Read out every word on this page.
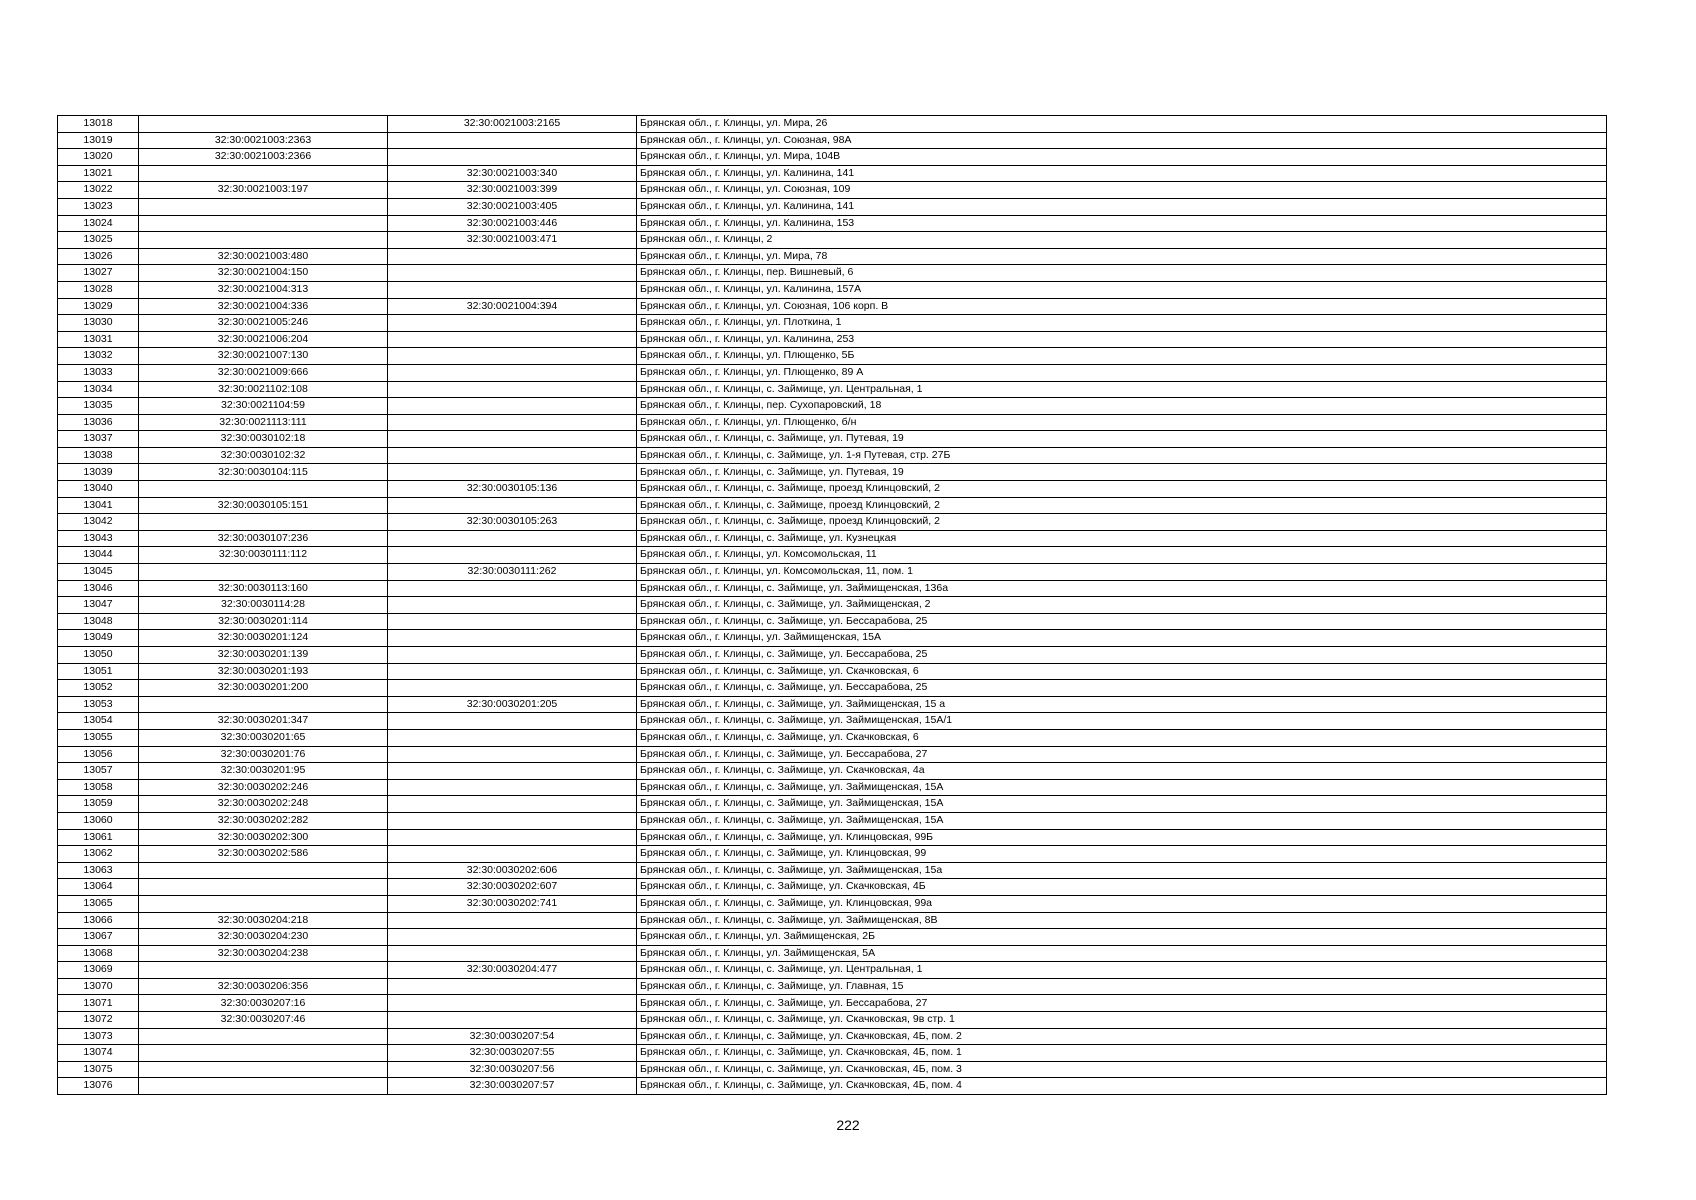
13018		32:30:0021003:2165	Брянская обл., г. Клинцы, ул. Мира, 26
13019	32:30:0021003:2363		Брянская обл., г. Клинцы, ул. Союзная, 98А
13020	32:30:0021003:2366		Брянская обл., г. Клинцы, ул. Мира, 104В
13021		32:30:0021003:340	Брянская обл., г. Клинцы, ул. Калинина, 141
13022	32:30:0021003:197	32:30:0021003:399	Брянская обл., г. Клинцы, ул. Союзная, 109
13023		32:30:0021003:405	Брянская обл., г. Клинцы, ул. Калинина, 141
13024		32:30:0021003:446	Брянская обл., г. Клинцы, ул. Калинина, 153
13025		32:30:0021003:471	Брянская обл., г. Клинцы, 2
13026	32:30:0021003:480		Брянская обл., г. Клинцы, ул. Мира, 78
13027	32:30:0021004:150		Брянская обл., г. Клинцы, пер. Вишневый, 6
13028	32:30:0021004:313		Брянская обл., г. Клинцы, ул. Калинина, 157А
13029	32:30:0021004:336	32:30:0021004:394	Брянская обл., г. Клинцы, ул. Союзная, 106 корп. В
13030	32:30:0021005:246		Брянская обл., г. Клинцы, ул. Плоткина, 1
13031	32:30:0021006:204		Брянская обл., г. Клинцы, ул. Калинина, 253
13032	32:30:0021007:130		Брянская обл., г. Клинцы, ул. Плющенко, 5Б
13033	32:30:0021009:666		Брянская обл., г. Клинцы, ул. Плющенко, 89 А
13034	32:30:0021102:108		Брянская обл., г. Клинцы, с. Займище, ул. Центральная, 1
13035	32:30:0021104:59		Брянская обл., г. Клинцы, пер. Сухопаровский, 18
13036	32:30:0021113:111		Брянская обл., г. Клинцы, ул. Плющенко, б/н
13037	32:30:0030102:18		Брянская обл., г. Клинцы, с. Займище, ул. Путевая, 19
13038	32:30:0030102:32		Брянская обл., г. Клинцы, с. Займище, ул. 1-я Путевая, стр. 27Б
13039	32:30:0030104:115		Брянская обл., г. Клинцы, с. Займище, ул. Путевая, 19
13040		32:30:0030105:136	Брянская обл., г. Клинцы, с. Займище, проезд Клинцовский, 2
13041	32:30:0030105:151		Брянская обл., г. Клинцы, с. Займище, проезд Клинцовский, 2
13042		32:30:0030105:263	Брянская обл., г. Клинцы, с. Займище, проезд Клинцовский, 2
13043	32:30:0030107:236		Брянская обл., г. Клинцы, с. Займище, ул. Кузнецкая
13044	32:30:0030111:112		Брянская обл., г. Клинцы, ул. Комсомольская, 11
13045		32:30:0030111:262	Брянская обл., г. Клинцы, ул. Комсомольская, 11, пом. 1
13046	32:30:0030113:160		Брянская обл., г. Клинцы, с. Займище, ул. Займищенская, 136а
13047	32:30:0030114:28		Брянская обл., г. Клинцы, с. Займище, ул. Займищенская, 2
13048	32:30:0030201:114		Брянская обл., г. Клинцы, с. Займище, ул. Бессарабова, 25
13049	32:30:0030201:124		Брянская обл., г. Клинцы, ул. Займищенская, 15А
13050	32:30:0030201:139		Брянская обл., г. Клинцы, с. Займище, ул. Бессарабова, 25
13051	32:30:0030201:193		Брянская обл., г. Клинцы, с. Займище, ул. Скачковская, 6
13052	32:30:0030201:200		Брянская обл., г. Клинцы, с. Займище, ул. Бессарабова, 25
13053		32:30:0030201:205	Брянская обл., г. Клинцы, с. Займище, ул. Займищенская, 15 а
13054	32:30:0030201:347		Брянская обл., г. Клинцы, с. Займище, ул. Займищенская, 15А/1
13055	32:30:0030201:65		Брянская обл., г. Клинцы, с. Займище, ул. Скачковская, 6
13056	32:30:0030201:76		Брянская обл., г. Клинцы, с. Займище, ул. Бессарабова, 27
13057	32:30:0030201:95		Брянская обл., г. Клинцы, с. Займище, ул. Скачковская, 4а
13058	32:30:0030202:246		Брянская обл., г. Клинцы, с. Займище, ул. Займищенская, 15А
13059	32:30:0030202:248		Брянская обл., г. Клинцы, с. Займище, ул. Займищенская, 15А
13060	32:30:0030202:282		Брянская обл., г. Клинцы, с. Займище, ул. Займищенская, 15А
13061	32:30:0030202:300		Брянская обл., г. Клинцы, с. Займище, ул. Клинцовская, 99Б
13062	32:30:0030202:586		Брянская обл., г. Клинцы, с. Займище, ул. Клинцовская, 99
13063		32:30:0030202:606	Брянская обл., г. Клинцы, с. Займище, ул. Займищенская, 15а
13064		32:30:0030202:607	Брянская обл., г. Клинцы, с. Займище, ул. Скачковская, 4Б
13065		32:30:0030202:741	Брянская обл., г. Клинцы, с. Займище, ул. Клинцовская, 99а
13066	32:30:0030204:218		Брянская обл., г. Клинцы, с. Займище, ул. Займищенская, 8В
13067	32:30:0030204:230		Брянская обл., г. Клинцы, ул. Займищенская, 2Б
13068	32:30:0030204:238		Брянская обл., г. Клинцы, ул. Займищенская, 5А
13069		32:30:0030204:477	Брянская обл., г. Клинцы, с. Займище, ул. Центральная, 1
13070	32:30:0030206:356		Брянская обл., г. Клинцы, с. Займище, ул. Главная, 15
13071	32:30:0030207:16		Брянская обл., г. Клинцы, с. Займище, ул. Бессарабова, 27
13072	32:30:0030207:46		Брянская обл., г. Клинцы, с. Займище, ул. Скачковская, 9в стр. 1
13073		32:30:0030207:54	Брянская обл., г. Клинцы, с. Займище, ул. Скачковская, 4Б, пом. 2
13074		32:30:0030207:55	Брянская обл., г. Клинцы, с. Займище, ул. Скачковская, 4Б, пом. 1
13075		32:30:0030207:56	Брянская обл., г. Клинцы, с. Займище, ул. Скачковская, 4Б, пом. 3
13076		32:30:0030207:57	Брянская обл., г. Клинцы, с. Займище, ул. Скачковская, 4Б, пом. 4
222
